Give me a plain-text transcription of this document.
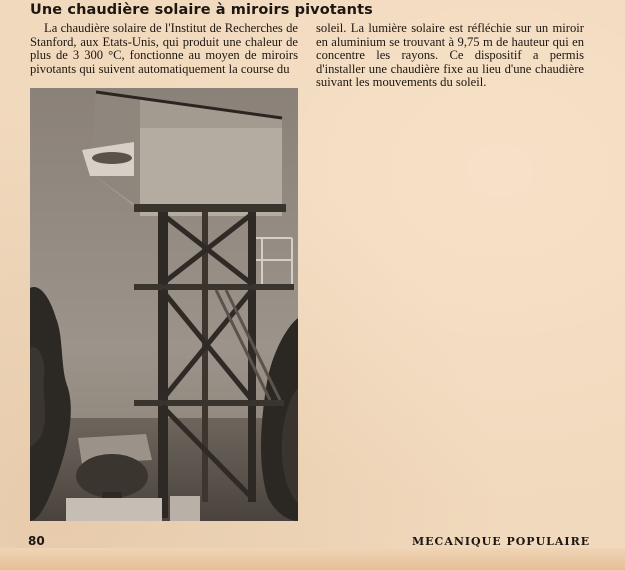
Une chaudière solaire à miroirs pivotants

La chaudière solaire de l'Institut de Recherches de Stanford, aux Etats-Unis, qui produit une chaleur de plus de 3 300 °C, fonctionne au moyen de miroirs pivotants qui suivent automatiquement la course du

soleil. La lumière solaire est réfléchie sur un miroir en aluminium se trouvant à 9,75 m de hauteur qui en concentre les rayons. Ce dispositif a permis d'installer une chaudière fixe au lieu d'une chaudière suivant les mouvements du soleil.

80	MECANIQUE POPULAIRE
